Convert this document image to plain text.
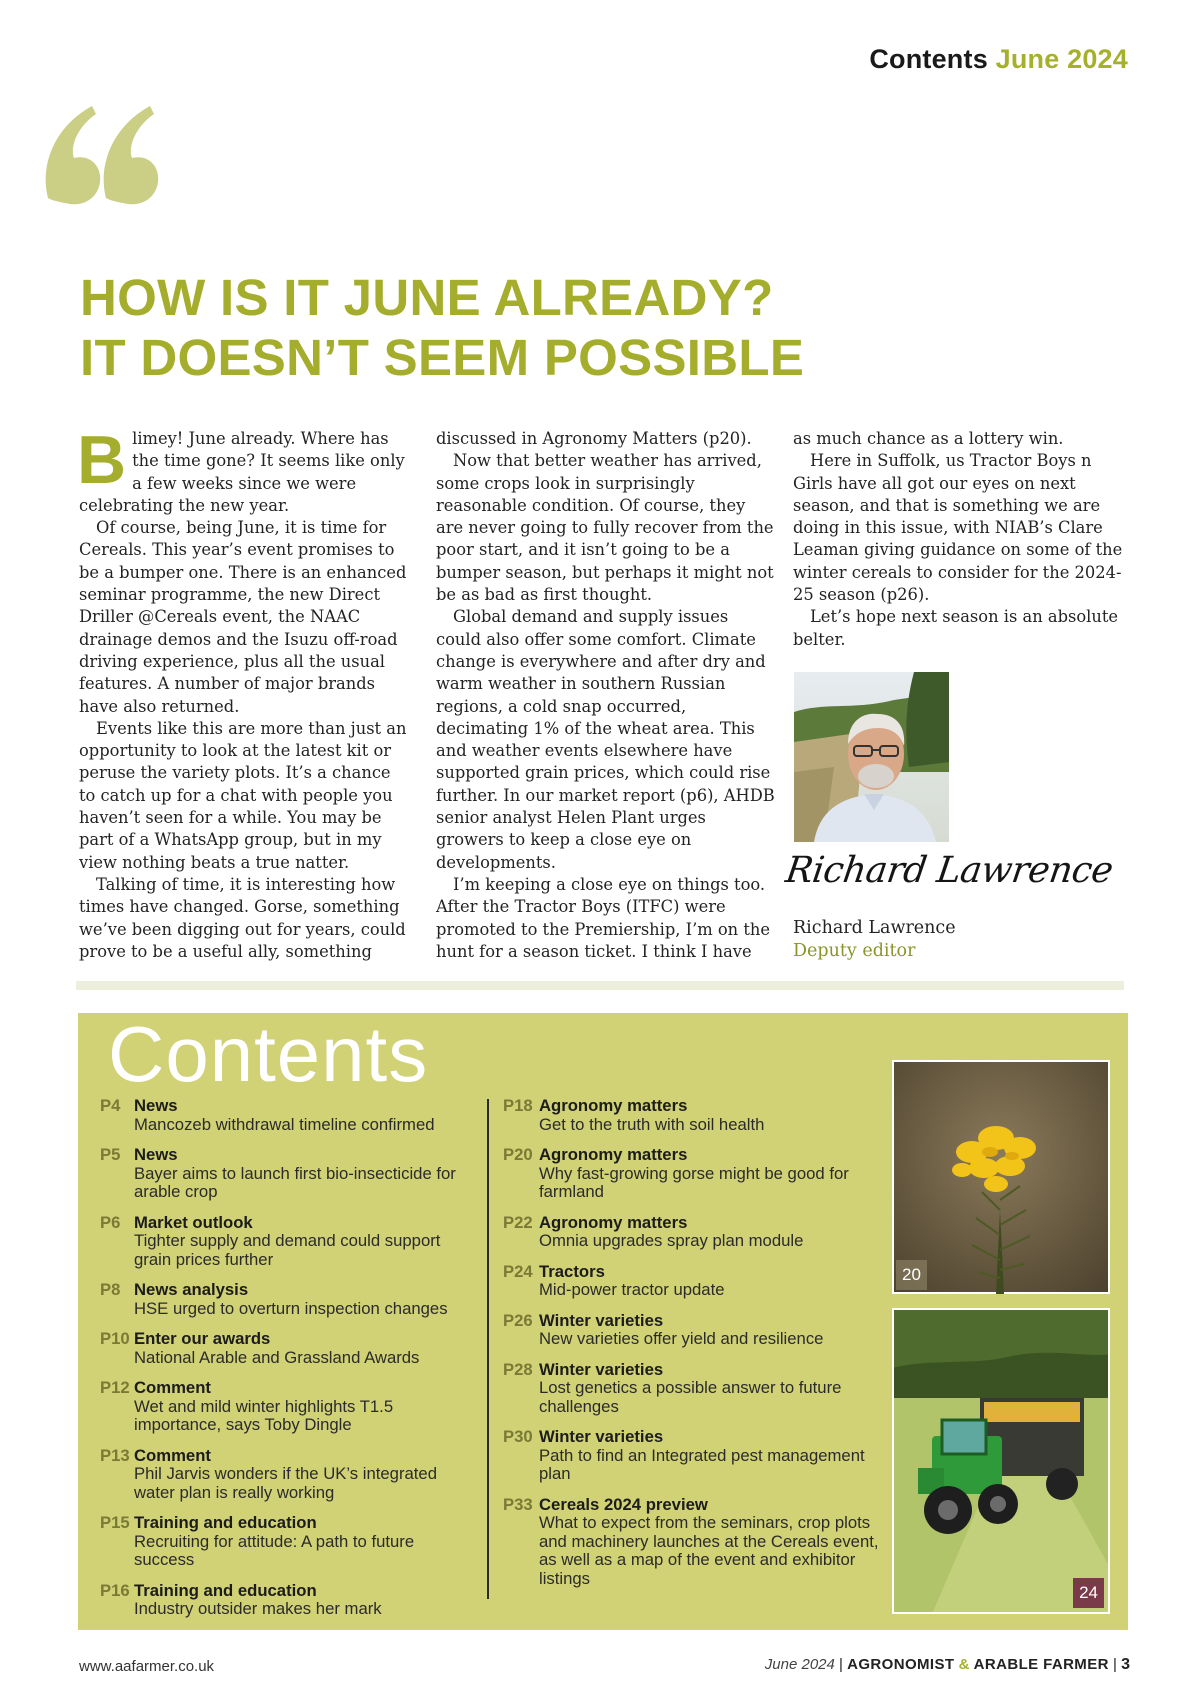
Contents June 2024
HOW IS IT JUNE ALREADY?
IT DOESN’T SEEM POSSIBLE

Blimey! June already. Where has the time gone? It seems like only a few weeks since we were celebrating the new year.

Of course, being June, it is time for Cereals. This year’s event promises to be a bumper one. There is an enhanced seminar programme, the new Direct Driller @Cereals event, the NAAC drainage demos and the Isuzu off-road driving experience, plus all the usual features. A number of major brands have also returned.

Events like this are more than just an opportunity to look at the latest kit or peruse the variety plots. It’s a chance to catch up for a chat with people you haven’t seen for a while. You may be part of a WhatsApp group, but in my view nothing beats a true natter.

Talking of time, it is interesting how times have changed. Gorse, something we’ve been digging out for years, could prove to be a useful ally, something

discussed in Agronomy Matters (p20).

Now that better weather has arrived, some crops look in surprisingly reasonable condition. Of course, they are never going to fully recover from the poor start, and it isn’t going to be a bumper season, but perhaps it might not be as bad as first thought.

Global demand and supply issues could also offer some comfort. Climate change is everywhere and after dry and warm weather in southern Russian regions, a cold snap occurred, decimating 1% of the wheat area. This and weather events elsewhere have supported grain prices, which could rise further. In our market report (p6), AHDB senior analyst Helen Plant urges growers to keep a close eye on developments.

I’m keeping a close eye on things too. After the Tractor Boys (ITFC) were promoted to the Premiership, I’m on the hunt for a season ticket. I think I have

as much chance as a lottery win.

Here in Suffolk, us Tractor Boys n Girls have all got our eyes on next season, and that is something we are doing in this issue, with NIAB’s Clare Leaman giving guidance on some of the winter cereals to consider for the 2024-25 season (p26).

Let’s hope next season is an absolute belter.

Richard Lawrence
Richard Lawrence
Deputy editor
Contents
P4 News
Mancozeb withdrawal timeline confirmed
P5 News
Bayer aims to launch first bio-insecticide for arable crop
P6 Market outlook
Tighter supply and demand could support grain prices further
P8 News analysis
HSE urged to overturn inspection changes
P10 Enter our awards
National Arable and Grassland Awards
P12 Comment
Wet and mild winter highlights T1.5 importance, says Toby Dingle
P13 Comment
Phil Jarvis wonders if the UK’s integrated water plan is really working
P15 Training and education
Recruiting for attitude: A path to future success
P16 Training and education
Industry outsider makes her mark
P18 Agronomy matters
Get to the truth with soil health
P20 Agronomy matters
Why fast-growing gorse might be good for farmland
P22 Agronomy matters
Omnia upgrades spray plan module
P24 Tractors
Mid-power tractor update
P26 Winter varieties
New varieties offer yield and resilience
P28 Winter varieties
Lost genetics a possible answer to future challenges
P30 Winter varieties
Path to find an Integrated pest management plan
P33 Cereals 2024 preview
What to expect from the seminars, crop plots and machinery launches at the Cereals event, as well as a map of the event and exhibitor listings
20
24
www.aafarmer.co.uk	June 2024 | AGRONOMIST & ARABLE FARMER | 3
